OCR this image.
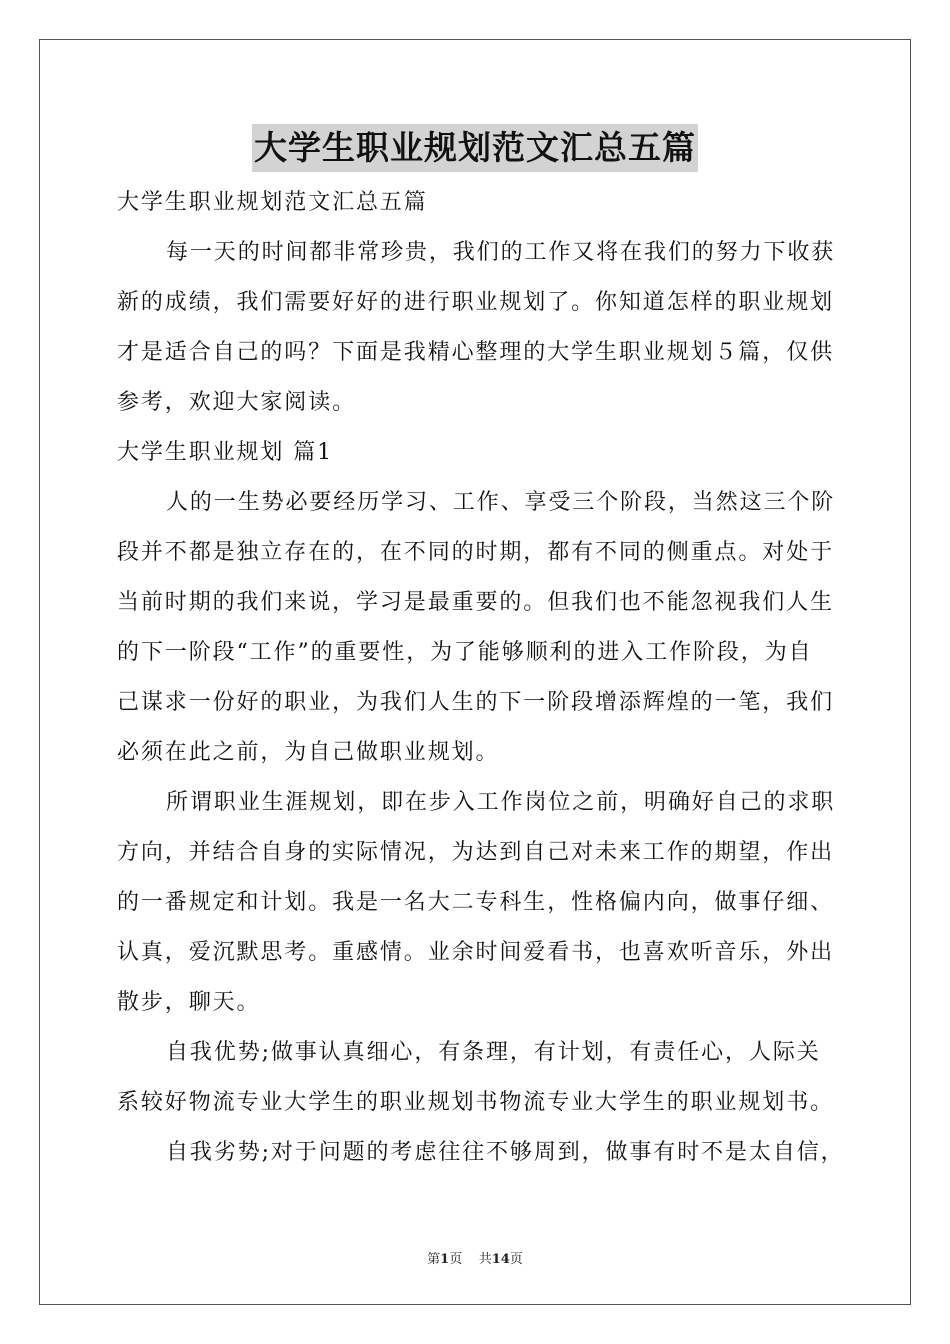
大学生职业规划范文汇总五篇
大学生职业规划范文汇总五篇
每一天的时间都非常珍贵，我们的工作又将在我们的努力下收获
新的成绩，我们需要好好的进行职业规划了。你知道怎样的职业规划
才是适合自己的吗？下面是我精心整理的大学生职业规划５篇，仅供
参考，欢迎大家阅读。
大学生职业规划 篇1
人的一生势必要经历学习、工作、享受三个阶段，当然这三个阶
段并不都是独立存在的，在不同的时期，都有不同的侧重点。对处于
当前时期的我们来说，学习是最重要的。但我们也不能忽视我们人生
的下一阶段“工作”的重要性，为了能够顺利的进入工作阶段，为自
己谋求一份好的职业，为我们人生的下一阶段增添辉煌的一笔，我们
必须在此之前，为自己做职业规划。
所谓职业生涯规划，即在步入工作岗位之前，明确好自己的求职
方向，并结合自身的实际情况，为达到自己对未来工作的期望，作出
的一番规定和计划。我是一名大二专科生，性格偏内向，做事仔细、
认真，爱沉默思考。重感情。业余时间爱看书，也喜欢听音乐，外出
散步，聊天。
自我优势;做事认真细心，有条理，有计划，有责任心，人际关
系较好物流专业大学生的职业规划书物流专业大学生的职业规划书。
自我劣势;对于问题的考虑往往不够周到，做事有时不是太自信，
第1页 共14页
